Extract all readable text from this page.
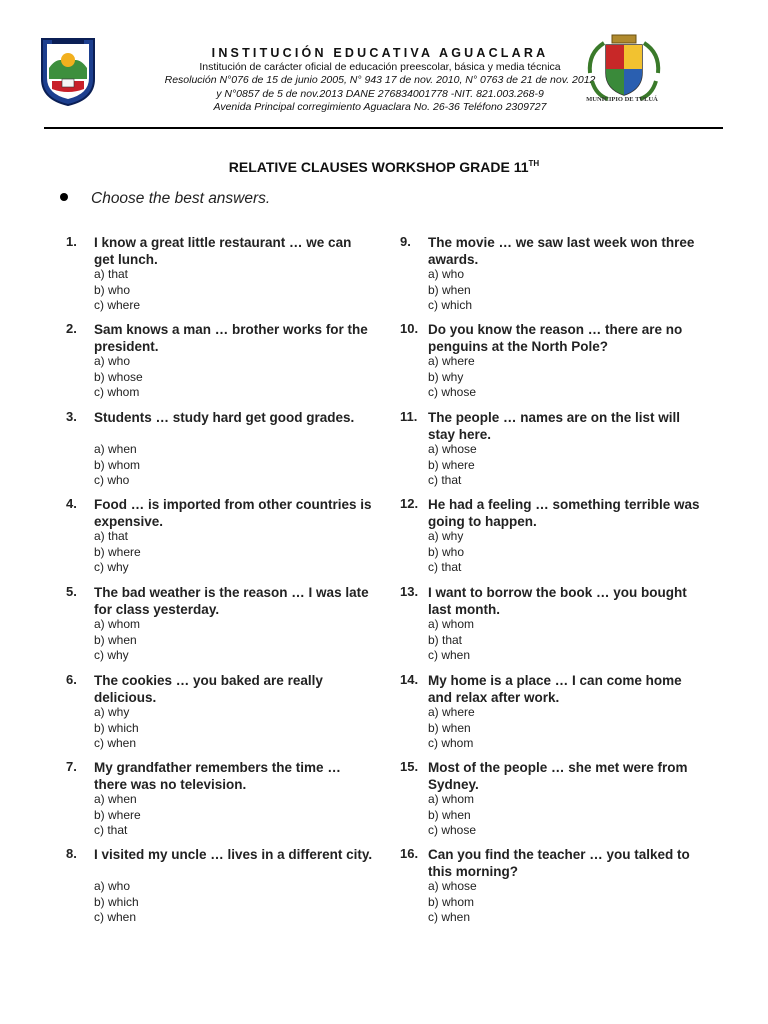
INSTITUCIÓN EDUCATIVA AGUACLARA
Institución de carácter oficial de educación preescolar, básica y media técnica
Resolución N°076 de 15 de junio 2005, N° 943 17 de nov. 2010, N° 0763 de 21 de nov. 2012
y N°0857 de 5 de nov.2013 DANE 276834001778 -NIT. 821.003.268-9
Avenida Principal corregimiento Aguaclara No. 26-36 Teléfono 2309727
MUNICIPIO DE TULUÁ
RELATIVE CLAUSES WORKSHOP GRADE 11TH
Choose the best answers.
1. I know a great little restaurant … we can get lunch.
a) that
b) who
c) where
2. Sam knows a man … brother works for the president.
a) who
b) whose
c) whom
3. Students … study hard get good grades.
a) when
b) whom
c) who
4. Food … is imported from other countries is expensive.
a) that
b) where
c) why
5. The bad weather is the reason … I was late for class yesterday.
a) whom
b) when
c) why
6. The cookies … you baked are really delicious.
a) why
b) which
c) when
7. My grandfather remembers the time … there was no television.
a) when
b) where
c) that
8. I visited my uncle … lives in a different city.
a) who
b) which
c) when
9. The movie … we saw last week won three awards.
a) who
b) when
c) which
10. Do you know the reason … there are no penguins at the North Pole?
a) where
b) why
c) whose
11. The people … names are on the list will stay here.
a) whose
b) where
c) that
12. He had a feeling … something terrible was going to happen.
a) why
b) who
c) that
13. I want to borrow the book … you bought last month.
a) whom
b) that
c) when
14. My home is a place … I can come home and relax after work.
a) where
b) when
c) whom
15. Most of the people … she met were from Sydney.
a) whom
b) when
c) whose
16. Can you find the teacher … you talked to this morning?
a) whose
b) whom
c) when
